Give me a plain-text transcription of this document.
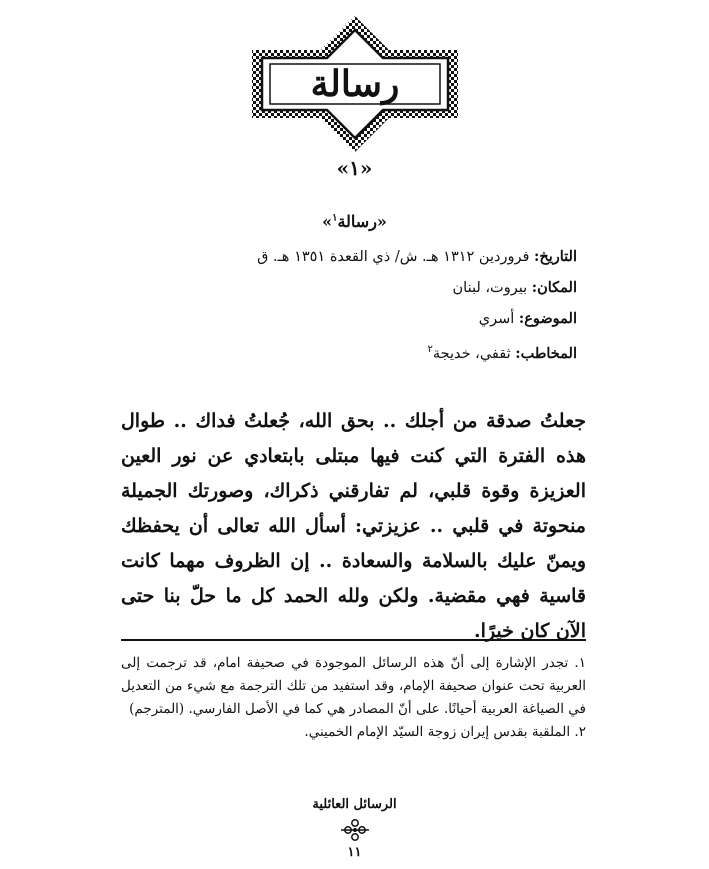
رسالة
«١»
«رسالة$^١$»
التاريخ: فروردين ١٣١٢ هـ. ش/ ذي القعدة ١٣٥١ هـ. ق
المكان: بيروت، لبنان
الموضوع: أسري
المخاطب: ثقفي، خديجة$^٢$
جعلتُ صدقة من أجلك .. بحق الله، جُعلتُ فداك .. طوال هذه الفترة التي كنت فيها مبتلى بابتعادي عن نور العين العزيزة وقوة قلبي، لم تفارقني ذكراك، وصورتك الجميلة منحوتة في قلبي .. عزيزتي: أسأل الله تعالى أن يحفظك ويمنّ عليك بالسلامة والسعادة .. إن الظروف مهما كانت قاسية فهي مقضية. ولكن ولله الحمد كل ما حلّ بنا حتى الآن كان خيرًا.
١. تجدر الإشارة إلى أنّ هذه الرسائل الموجودة في صحيفة امام، قد ترجمت إلى العربية تحت عنوان صحيفة الإمام، وقد استفيد من تلك الترجمة مع شيء من التعديل في الصياغة العربية أحيانًا. على أنّ المصادر هي كما في الأصل الفارسي. (المترجم)
٢. الملقبة بقدس إيران زوجة السيّد الإمام الخميني.
الرسائل العائلية
١١
